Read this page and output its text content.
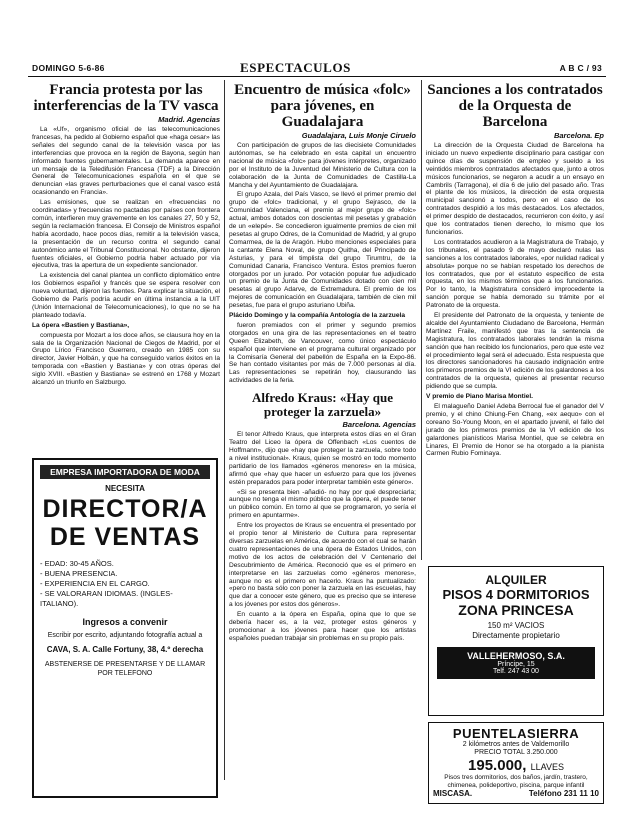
DOMINGO 5-6-86	ESPECTACULOS	A B C / 93
Francia protesta por las interferencias de la TV vasca
Madrid. Agencias

La «Uf», organismo oficial de las telecomunicaciones francesas, ha pedido al Gobierno español que «haga cesar» las señales del segundo canal de la televisión vasca por las interferencias que provoca en la región de Bayona, según han informado fuentes gubernamentales. La demanda aparece en un mensaje de la Teledifusión Francesa (TDF) a la Dirección General de Telecomunicaciones española en el que se denuncian «las graves perturbaciones que el canal vasco está ocasionando en Francia».

Las emisiones, que se realizan en «frecuencias no coordinadas» y frecuencias no pactadas por países con frontera común, interfieren muy gravemente en los canales 27, 50 y 52, según la reclamación francesa. El Consejo de Ministros español había acordado, hace pocos días, remitir a la televisión vasca, la presentación de un recurso contra el segundo canal autonómico ante el Tribunal Constitucional. No obstante, dijeron fuentes oficiales, el Gobierno podría haber actuado por vía ejecutiva, tras la apertura de un expediente sancionador.

La existencia del canal plantea un conflicto diplomático entre los Gobiernos español y francés que se espera resolver con nueva voluntad, dijeron las fuentes. Para explicar la situación, el Gobierno de París podría acudir en última instancia a la UIT (Unión Internacional de Telecomunicaciones), lo que no se ha planteado todavía.

La ópera «Bastien y Bastiana»,

compuesta por Mozart a los doce años, se clausura hoy en la sala de la Organización Nacional de Ciegos de Madrid, por el Grupo Lírico Francisco Guerrero, creado en 1985 con su director, Javier Holbán, y que ha conseguido varios éxitos en la temporada con «Bastien y Bastiana» y con otras óperas del siglo XVIII. «Bastien y Bastiana» se estrenó en 1768 y Mozart alcanzó un triunfo en Salzburgo.

Encuentro de música «folc» para jóvenes, en Guadalajara
Guadalajara, Luis Monje Ciruelo

Con participación de grupos de las diecisiete Comunidades autónomas, se ha celebrado en esta capital un encuentro nacional de música «folc» para jóvenes intérpretes, organizado por el Instituto de la Juventud del Ministerio de Cultura con la colaboración de la Junta de Comunidades de Castilla-La Mancha y del Ayuntamiento de Guadalajara.

El grupo Azala, del País Vasco, se llevó el primer premio del grupo de «folc» tradicional, y el grupo Sejrasco, de la Comunidad Valenciana, el premio al mejor grupo de «folc» actual, ambos dotados con doscientas mil pesetas y grabación de un «elepé». Se concedieron igualmente premios de cien mil pesetas al grupo Odres, de la Comunidad de Madrid, y al grupo Comarmea, de la de Aragón. Hubo menciones especiales para la cantante Elena Noval, de grupo Quitha, del Principado de Asturias, y para el timplista del grupo Tirumtru, de la Comunidad Canaria, Francisco Ventura. Estos premios fueron otorgados por un jurado. Por votación popular fue adjudicado un premio de la Junta de Comunidades dotado con cien mil pesetas al grupo Adarve, de Extremadura. El premio de los mejores de comunicación en Guadalajara, también de cien mil pesetas, fue para el grupo asturiano Ubiña.

Plácido Domingo y la compañía Antología de la zarzuela

fueron premiados con el primer y segundo premios otorgados en una gira de las representaciones en el teatro Queen Elizabeth, de Vancouver, como único espectáculo español que interviene en el programa cultural organizado por la Comisaría General del pabellón de España en la Expo-86. Se han contado visitantes por más de 7.000 personas al día. Las representaciones se repetirán hoy, clausurando las actividades de la feria.

Alfredo Kraus: «Hay que proteger la zarzuela»
Barcelona. Agencias

El tenor Alfredo Kraus, que interpreta estos días en el Gran Teatro del Liceo la ópera de Offenbach «Los cuentos de Hoffmann», dijo que «hay que proteger la zarzuela, sobre todo a nivel institucional». Kraus, quien se mostró en todo momento partidario de los llamados «géneros menores» en la música, afirmó que «hay que hacer un esfuerzo para que los jóvenes estén preparados para poder interpretar también este género».

«Si se presenta bien -añadió- no hay por qué despreciarla; aunque no tenga el mismo público que la ópera, el puede tener un público común. En torno al que se programaron, yo sería el primero en apuntarme».

Entre los proyectos de Kraus se encuentra el presentado por el propio tenor al Ministerio de Cultura para representar diversas zarzuelas en América, de acuerdo con el cual se harán cuatro representaciones de una ópera de Estados Unidos, con motivo de los actos de celebración del V Centenario del Descubrimiento de América. Reconoció que es el primero en interpretarse en las zarzuelas como «géneros menores», aunque no es el primero en hacerlo. Kraus ha puntualizado: «pero no basta sólo con poner la zarzuela en las escuelas, hay que dar a conocer este género, que es preciso que se interese a los jóvenes por estos dos géneros».

En cuanto a la ópera en España, opina que lo que se debería hacer es, a la vez, proteger estos géneros y promocionar a los jóvenes para hacer que los artistas españoles puedan trabajar sin problemas en su propio país.

Sanciones a los contratados de la Orquesta de Barcelona
Barcelona. Ep

La dirección de la Orquesta Ciudad de Barcelona ha iniciado un nuevo expediente disciplinario para castigar con quince días de suspensión de empleo y sueldo a los veintidós miembros contratados afectados que, junto a otros músicos funcionarios, se negaron a acudir a un ensayo en Cambrils (Tarragona), el día 6 de julio del pasado año. Tras el plante de los músicos, la dirección de esta orquesta municipal sancionó a todos, pero en el caso de los contratados despidió a los más destacados. Los afectados, el primer despido de destacados, recurrieron con éxito, y así que los contratados tienen derecho, lo mismo que los funcionarios.

Los contratados acudieron a la Magistratura de Trabajo, y los tribunales, el pasado 9 de mayo declaró nulas las sanciones a los contratados laborales, «por nulidad radical y absoluta» porque no se habían respetado los derechos de los contratados, que por el estatuto especifico de esta orquesta, en los mismos términos que a los funcionarios. Por lo tanto, la Magistratura consideró improcedente la sanción porque se había demorado su trámite por el Patronato de la orquesta.

El presidente del Patronato de la orquesta, y teniente de alcalde del Ayuntamiento Ciudadano de Barcelona, Hermán Martínez Fraile, manifestó que tras la sentencia de Magistratura, los contratados laborales tendrán la misma sanción que han recibido los funcionarios, pero que este vez el procedimiento legal será el adecuado. Esta respuesta que los directores sancionadores ha causado indignación entre los primeros premios de la VI edición de los galardones a los contratados de la orquesta, quienes al presentar recurso pidiendo que se cumpla.

V premio de Piano Marisa Montiel.

El malagueño Daniel Adeba Berrocal fue el ganador del V premio, y el chino Chiung-Fen Chang, «ex aequo» con el coreano So-Young Moon, en el apartado juvenil, el fallo del jurado de los primeros premios de la VI edición de los galardones pianísticos Marisa Montiel, que se celebra en Linares, El Premio de Honor se ha otorgado a la pianista Carmen Rubio Fominaya.

EMPRESA IMPORTADORA DE MODA
NECESITA
DIRECTOR/A
DE VENTAS
- EDAD: 30-45 AÑOS.
- BUENA PRESENCIA.
- EXPERIENCIA EN EL CARGO.
- SE VALORARAN IDIOMAS. (INGLES-ITALIANO).
Ingresos a convenir
Escribir por escrito, adjuntando fotografía actual a
CAVA, S. A. Calle Fortuny, 38, 4.º derecha
ABSTENERSE DE PRESENTARSE Y DE LLAMAR POR TELEFONO
ALQUILER
PISOS 4 DORMITORIOS
ZONA PRINCESA
150 m² VACIOS
Directamente propietario
VALLEHERMOSO, S.A.
Príncipe, 15
Telf. 247 43 00
PUENTELASIERRA
2 kilómetros antes de Valdemorillo
PRECIO TOTAL 3.250.000
195.000, LLAVES
Pisos tres dormitorios, dos baños, jardín, trastero, chimenea, polideportivo, piscina, parque infantil
MISCASA.	Teléfono 231 11 10
